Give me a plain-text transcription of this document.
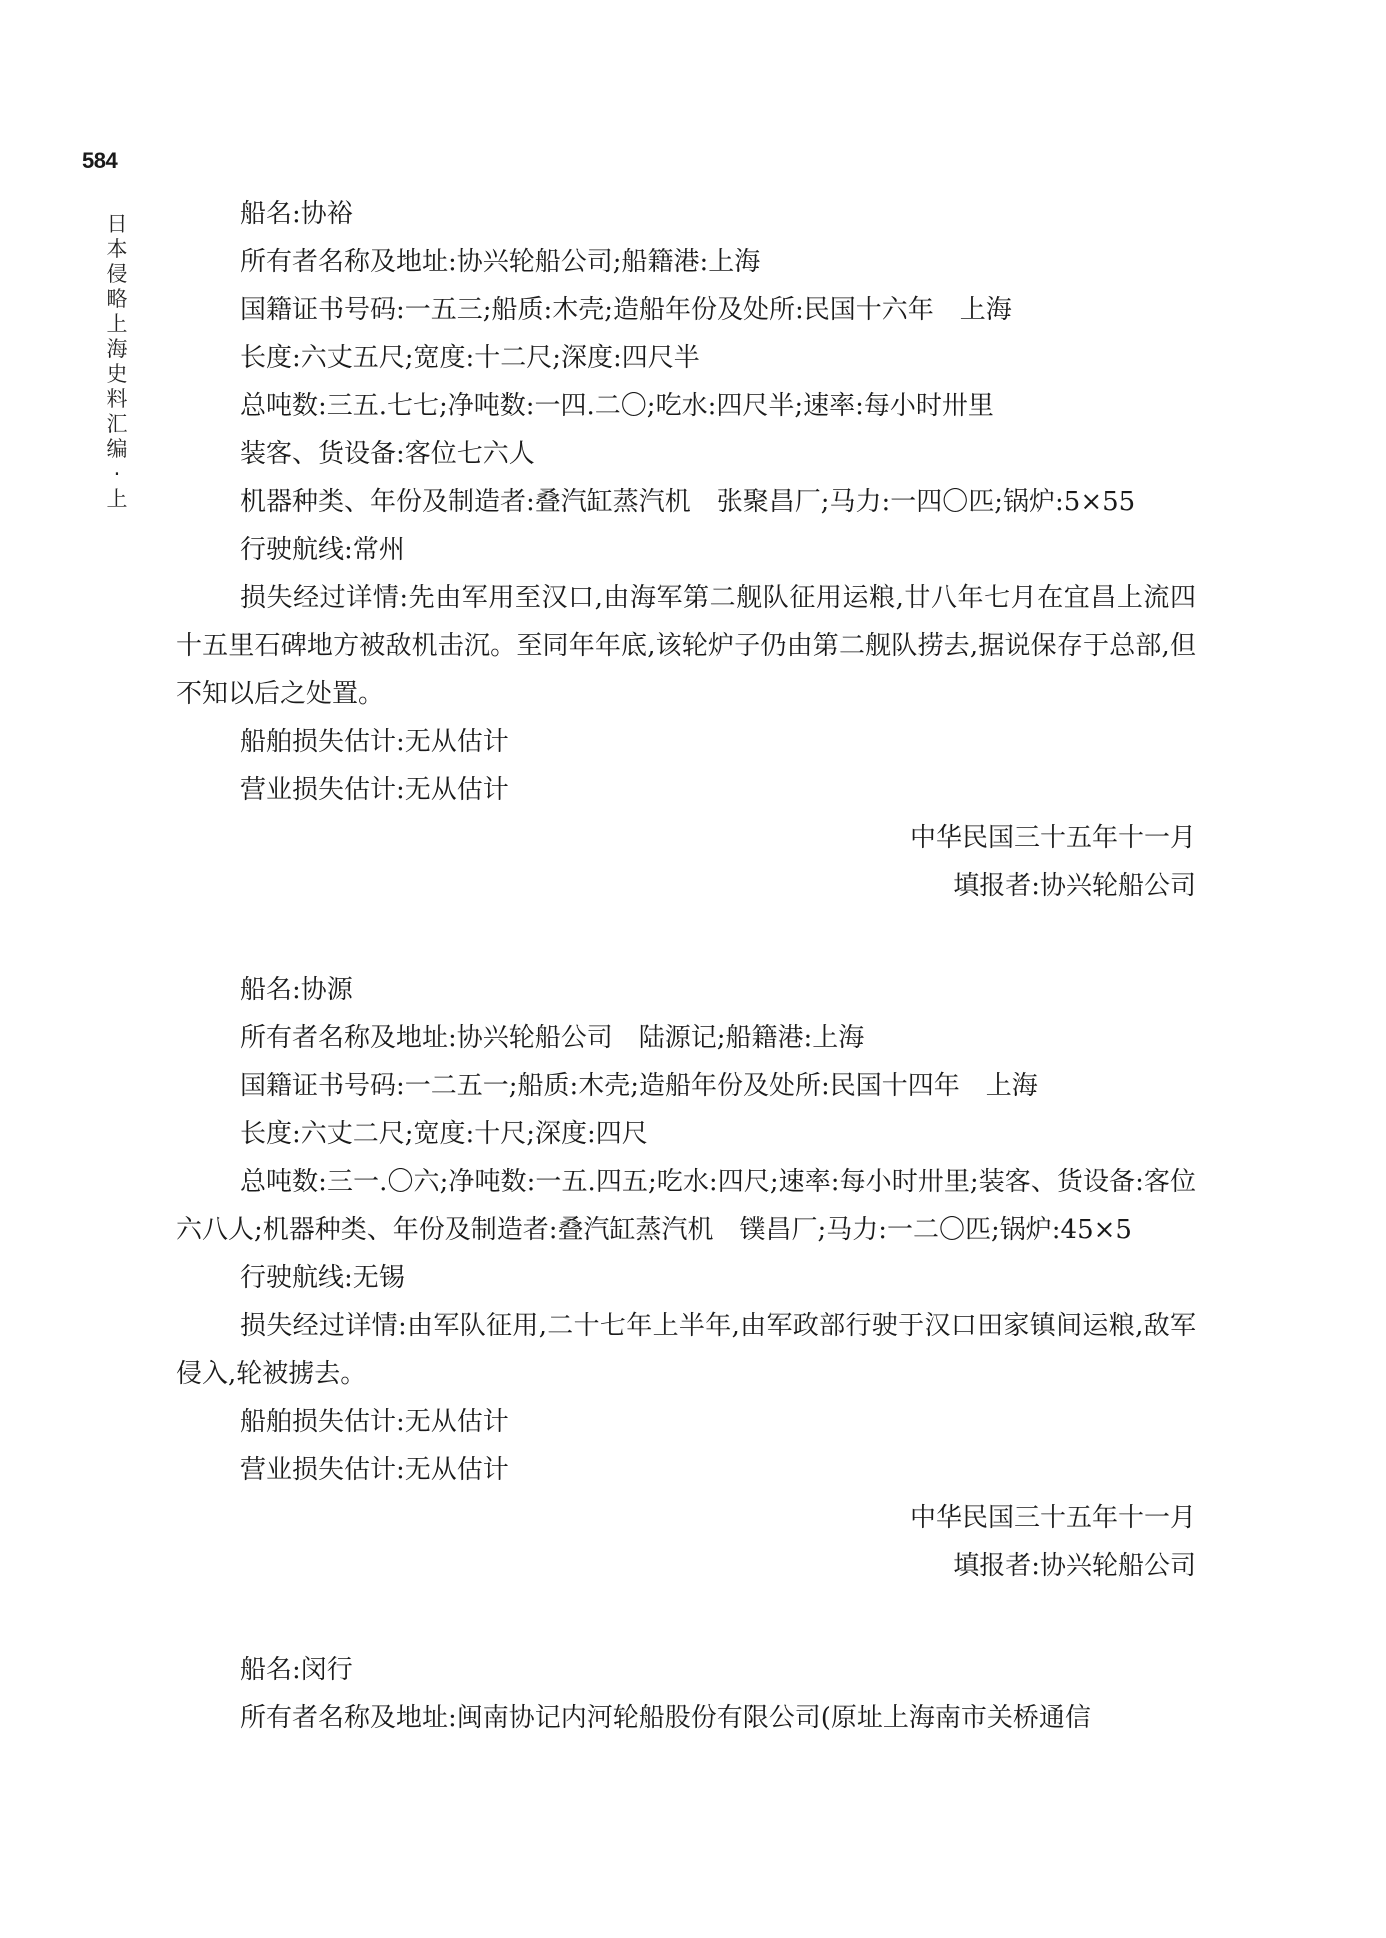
584
日本侵略上海史料汇编·上
船名:协裕
所有者名称及地址:协兴轮船公司;船籍港:上海
国籍证书号码:一五三;船质:木壳;造船年份及处所:民国十六年　上海
长度:六丈五尺;宽度:十二尺;深度:四尺半
总吨数:三五.七七;净吨数:一四.二〇;吃水:四尺半;速率:每小时卅里
装客、货设备:客位七六人
机器种类、年份及制造者:叠汽缸蒸汽机　张聚昌厂;马力:一四〇匹;锅炉:5×55
行驶航线:常州

损失经过详情:先由军用至汉口,由海军第二舰队征用运粮,廿八年七月在宜昌上流四十五里石碑地方被敌机击沉。至同年年底,该轮炉子仍由第二舰队捞去,据说保存于总部,但不知以后之处置。

船舶损失估计:无从估计
营业损失估计:无从估计
中华民国三十五年十一月
填报者:协兴轮船公司
船名:协源
所有者名称及地址:协兴轮船公司　陆源记;船籍港:上海
国籍证书号码:一二五一;船质:木壳;造船年份及处所:民国十四年　上海
长度:六丈二尺;宽度:十尺;深度:四尺

总吨数:三一.〇六;净吨数:一五.四五;吃水:四尺;速率:每小时卅里;装客、货设备:客位六八人;机器种类、年份及制造者:叠汽缸蒸汽机　镤昌厂;马力:一二〇匹;锅炉:45×5

行驶航线:无锡

损失经过详情:由军队征用,二十七年上半年,由军政部行驶于汉口田家镇间运粮,敌军侵入,轮被掳去。

船舶损失估计:无从估计
营业损失估计:无从估计
中华民国三十五年十一月
填报者:协兴轮船公司
船名:闵行
所有者名称及地址:闽南协记内河轮船股份有限公司(原址上海南市关桥通信
